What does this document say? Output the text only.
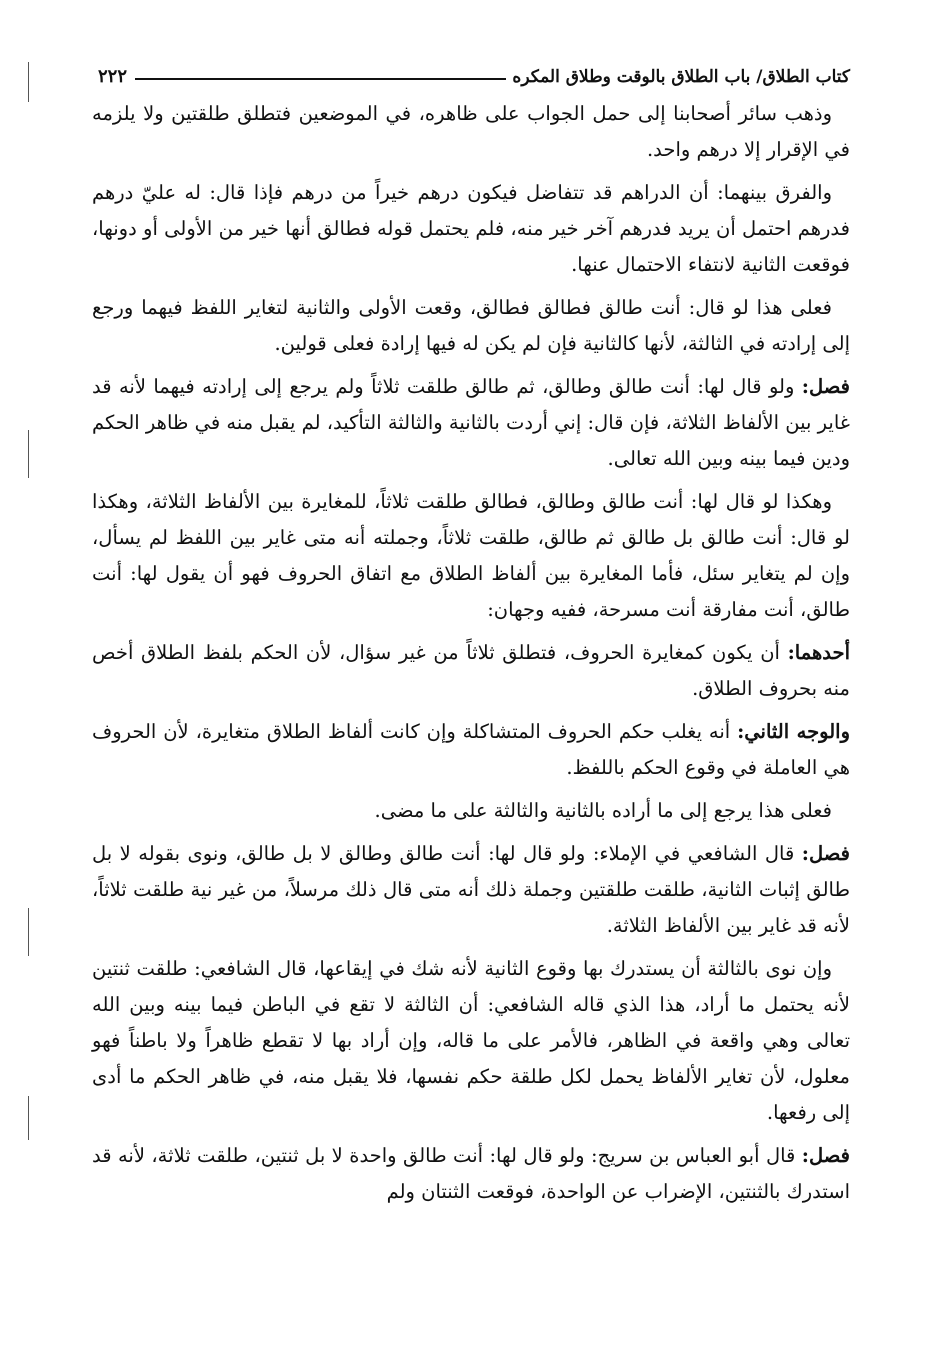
كتاب الطلاق/ باب الطلاق بالوقت وطلاق المكره
٢٢٢

وذهب سائر أصحابنا إلى حمل الجواب على ظاهره، في الموضعين فتطلق طلقتين ولا يلزمه في الإقرار إلا درهم واحد.

والفرق بينهما: أن الدراهم قد تتفاضل فيكون درهم خيراً من درهم فإذا قال: له عليّ درهم فدرهم احتمل أن يريد فدرهم آخر خير منه، فلم يحتمل قوله فطالق أنها خير من الأولى أو دونها، فوقعت الثانية لانتفاء الاحتمال عنها.

فعلى هذا لو قال: أنت طالق فطالق فطالق، وقعت الأولى والثانية لتغاير اللفظ فيهما ورجع إلى إرادته في الثالثة، لأنها كالثانية فإن لم يكن له فيها إرادة فعلى قولين.

فصل: ولو قال لها: أنت طالق وطالق، ثم طالق طلقت ثلاثاً ولم يرجع إلى إرادته فيهما لأنه قد غاير بين الألفاظ الثلاثة، فإن قال: إني أردت بالثانية والثالثة التأكيد، لم يقبل منه في ظاهر الحكم ودين فيما بينه وبين الله تعالى.

وهكذا لو قال لها: أنت طالق وطالق، فطالق طلقت ثلاثاً، للمغايرة بين الألفاظ الثلاثة، وهكذا لو قال: أنت طالق بل طالق ثم طالق، طلقت ثلاثاً، وجملته أنه متى غاير بين اللفظ لم يسأل، وإن لم يتغاير سئل، فأما المغايرة بين ألفاظ الطلاق مع اتفاق الحروف فهو أن يقول لها: أنت طالق، أنت مفارقة أنت مسرحة، ففيه وجهان:

أحدهما: أن يكون كمغايرة الحروف، فتطلق ثلاثاً من غير سؤال، لأن الحكم بلفظ الطلاق أخص منه بحروف الطلاق.

والوجه الثاني: أنه يغلب حكم الحروف المتشاكلة وإن كانت ألفاظ الطلاق متغايرة، لأن الحروف هي العاملة في وقوع الحكم باللفظ.

فعلى هذا يرجع إلى ما أراده بالثانية والثالثة على ما مضى.

فصل: قال الشافعي في الإملاء: ولو قال لها: أنت طالق وطالق لا بل طالق، ونوى بقوله لا بل طالق إثبات الثانية، طلقت طلقتين وجملة ذلك أنه متى قال ذلك مرسلاً، من غير نية طلقت ثلاثاً، لأنه قد غاير بين الألفاظ الثلاثة.

وإن نوى بالثالثة أن يستدرك بها وقوع الثانية لأنه شك في إيقاعها، قال الشافعي: طلقت ثنتين لأنه يحتمل ما أراد، هذا الذي قاله الشافعي: أن الثالثة لا تقع في الباطن فيما بينه وبين الله تعالى وهي واقعة في الظاهر، فالأمر على ما قاله، وإن أراد بها لا تقطع ظاهراً ولا باطناً فهو معلول، لأن تغاير الألفاظ يحمل لكل طلقة حكم نفسها، فلا يقبل منه، في ظاهر الحكم ما أدى إلى رفعها.

فصل: قال أبو العباس بن سريج: ولو قال لها: أنت طالق واحدة لا بل ثنتين، طلقت ثلاثة، لأنه قد استدرك بالثنتين، الإضراب عن الواحدة، فوقعت الثنتان ولم
